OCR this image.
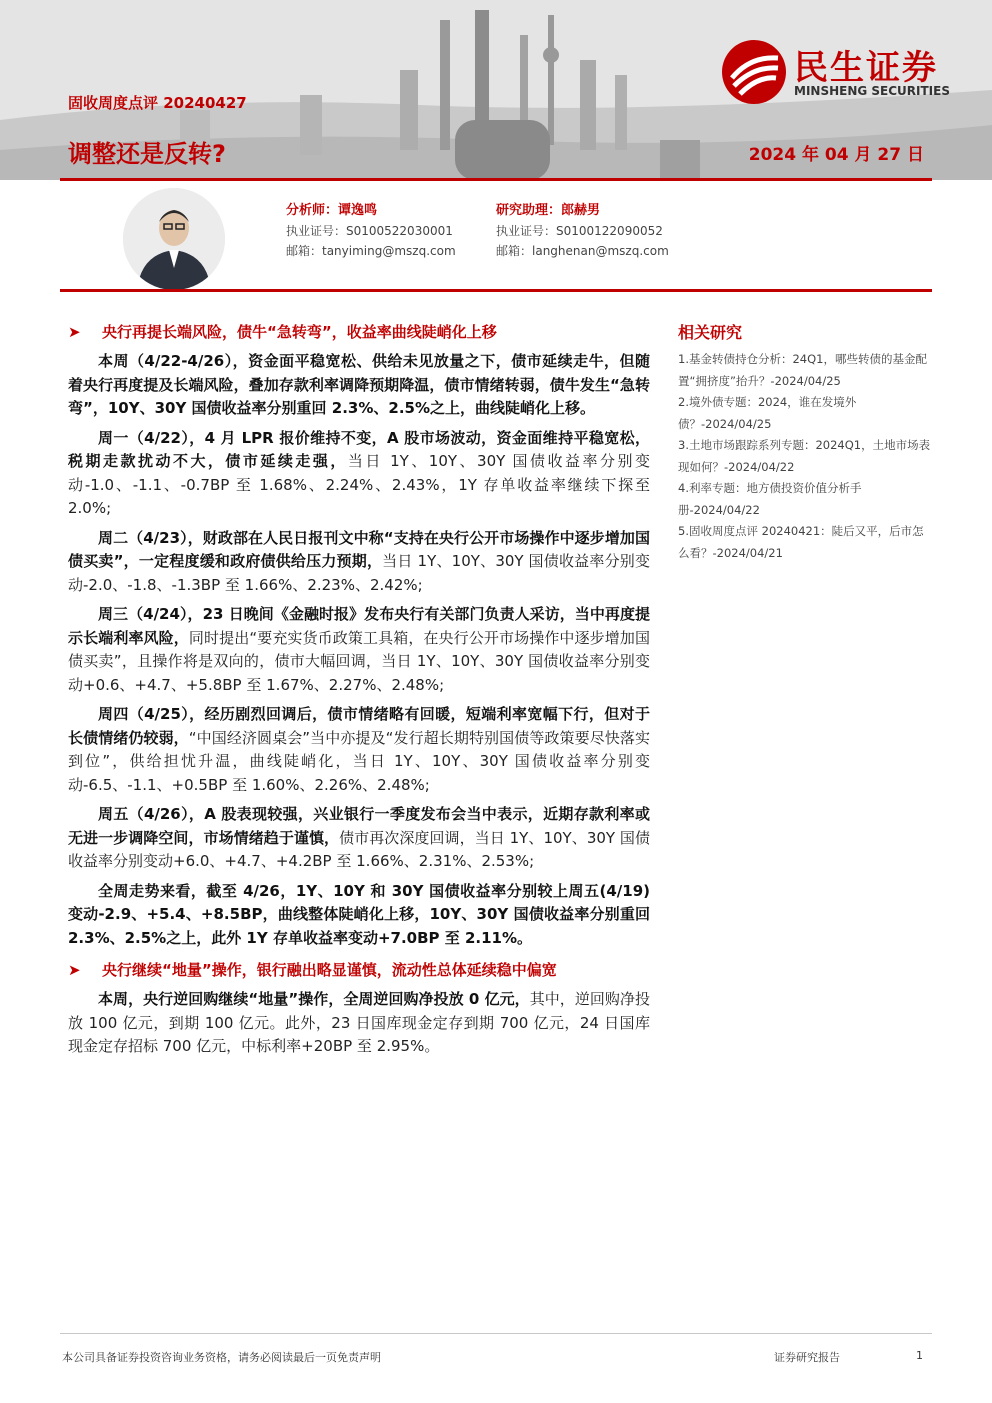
固收周度点评 20240427
调整还是反转?	2024 年 04 月 27 日
民生证券
MINSHENG SECURITIES
分析师：谭逸鸣
执业证号：S0100522030001
邮箱：tanyiming@mszq.com
研究助理：郎赫男
执业证号：S0100122090052
邮箱：langhenan@mszq.com
➤ 央行再提长端风险，债牛“急转弯”，收益率曲线陡峭化上移

本周（4/22-4/26），资金面平稳宽松、供给未见放量之下，债市延续走牛，但随着央行再度提及长端风险，叠加存款利率调降预期降温，债市情绪转弱，债牛发生“急转弯”，10Y、30Y 国债收益率分别重回 2.3%、2.5%之上，曲线陡峭化上移。

周一（4/22），4 月 LPR 报价维持不变，A 股市场波动，资金面维持平稳宽松，税期走款扰动不大，债市延续走强，当日 1Y、10Y、30Y 国债收益率分别变动-1.0、-1.1、-0.7BP 至 1.68%、2.24%、2.43%，1Y 存单收益率继续下探至 2.0%;

周二（4/23），财政部在人民日报刊文中称“支持在央行公开市场操作中逐步增加国债买卖”，一定程度缓和政府债供给压力预期，当日 1Y、10Y、30Y 国债收益率分别变动-2.0、-1.8、-1.3BP 至 1.66%、2.23%、2.42%;

周三（4/24），23 日晚间《金融时报》发布央行有关部门负责人采访，当中再度提示长端利率风险，同时提出“要充实货币政策工具箱，在央行公开市场操作中逐步增加国债买卖”，且操作将是双向的，债市大幅回调，当日 1Y、10Y、30Y 国债收益率分别变动+0.6、+4.7、+5.8BP 至 1.67%、2.27%、2.48%;

周四（4/25），经历剧烈回调后，债市情绪略有回暖，短端利率宽幅下行，但对于长债情绪仍较弱，“中国经济圆桌会”当中亦提及“发行超长期特别国债等政策要尽快落实到位”，供给担忧升温，曲线陡峭化，当日 1Y、10Y、30Y 国债收益率分别变动-6.5、-1.1、+0.5BP 至 1.60%、2.26%、2.48%;

周五（4/26），A 股表现较强，兴业银行一季度发布会当中表示，近期存款利率或无进一步调降空间，市场情绪趋于谨慎，债市再次深度回调，当日 1Y、10Y、30Y 国债收益率分别变动+6.0、+4.7、+4.2BP 至 1.66%、2.31%、2.53%;

全周走势来看，截至 4/26，1Y、10Y 和 30Y 国债收益率分别较上周五(4/19)变动-2.9、+5.4、+8.5BP，曲线整体陡峭化上移，10Y、30Y 国债收益率分别重回 2.3%、2.5%之上，此外 1Y 存单收益率变动+7.0BP 至 2.11%。

➤ 央行继续“地量”操作，银行融出略显谨慎，流动性总体延续稳中偏宽

本周，央行逆回购继续“地量”操作，全周逆回购净投放 0 亿元，其中，逆回购净投放 100 亿元，到期 100 亿元。此外，23 日国库现金定存到期 700 亿元，24 日国库现金定存招标 700 亿元，中标利率+20BP 至 2.95%。

相关研究
1.基金转债持仓分析：24Q1，哪些转债的基金配置“拥挤度”抬升？-2024/04/25
2.境外债专题：2024，谁在发境外债？-2024/04/25
3.土地市场跟踪系列专题：2024Q1，土地市场表现如何？-2024/04/22
4.利率专题：地方债投资价值分析手册-2024/04/22
5.固收周度点评 20240421：陡后又平，后市怎么看？-2024/04/21
本公司具备证券投资咨询业务资格，请务必阅读最后一页免责声明	证券研究报告	1
